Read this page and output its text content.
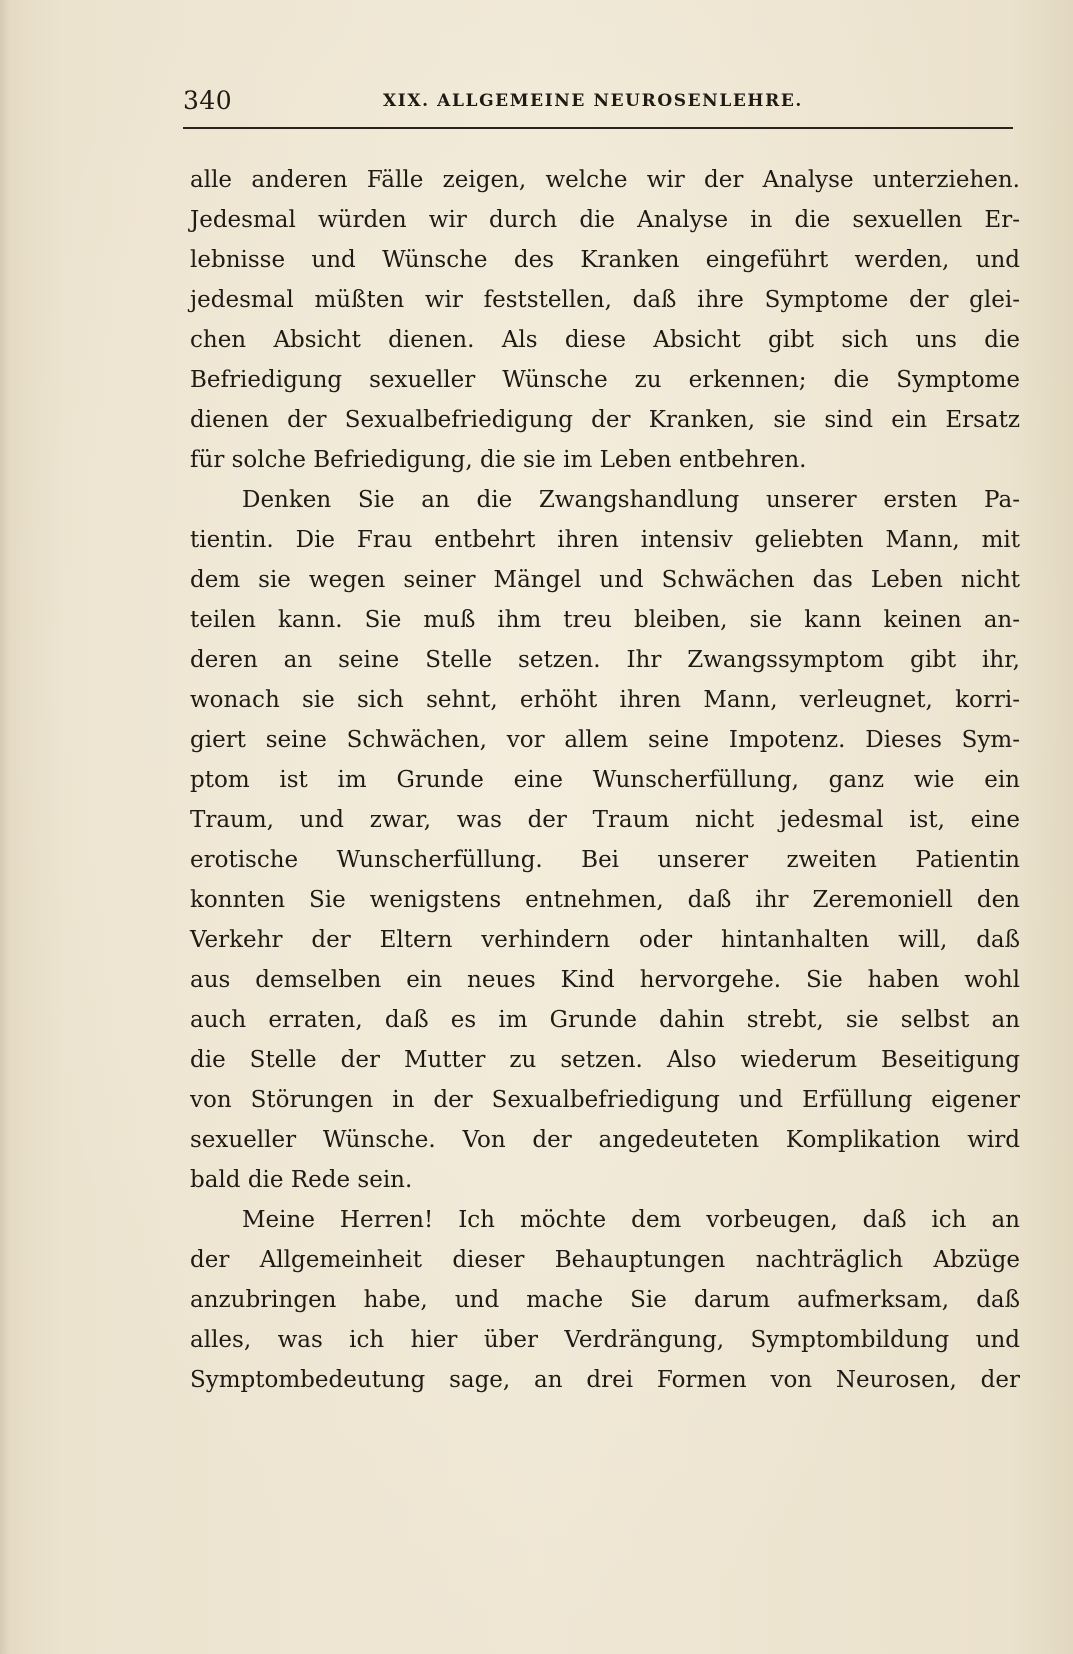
340	XIX. ALLGEMEINE NEUROSENLEHRE.
alle anderen Fälle zeigen, welche wir der Analyse unterziehen.
Jedesmal würden wir durch die Analyse in die sexuellen Er-
lebnisse und Wünsche des Kranken eingeführt werden, und
jedesmal müßten wir feststellen, daß ihre Symptome der glei-
chen Absicht dienen. Als diese Absicht gibt sich uns die
Befriedigung sexueller Wünsche zu erkennen; die Symptome
dienen der Sexualbefriedigung der Kranken, sie sind ein Ersatz
für solche Befriedigung, die sie im Leben entbehren.
Denken Sie an die Zwangshandlung unserer ersten Pa-
tientin. Die Frau entbehrt ihren intensiv geliebten Mann, mit
dem sie wegen seiner Mängel und Schwächen das Leben nicht
teilen kann. Sie muß ihm treu bleiben, sie kann keinen an-
deren an seine Stelle setzen. Ihr Zwangssymptom gibt ihr,
wonach sie sich sehnt, erhöht ihren Mann, verleugnet, korri-
giert seine Schwächen, vor allem seine Impotenz. Dieses Sym-
ptom ist im Grunde eine Wunscherfüllung, ganz wie ein
Traum, und zwar, was der Traum nicht jedesmal ist, eine
erotische Wunscherfüllung. Bei unserer zweiten Patientin
konnten Sie wenigstens entnehmen, daß ihr Zeremoniell den
Verkehr der Eltern verhindern oder hintanhalten will, daß
aus demselben ein neues Kind hervorgehe. Sie haben wohl
auch erraten, daß es im Grunde dahin strebt, sie selbst an
die Stelle der Mutter zu setzen. Also wiederum Beseitigung
von Störungen in der Sexualbefriedigung und Erfüllung eigener
sexueller Wünsche. Von der angedeuteten Komplikation wird
bald die Rede sein.
Meine Herren! Ich möchte dem vorbeugen, daß ich an
der Allgemeinheit dieser Behauptungen nachträglich Abzüge
anzubringen habe, und mache Sie darum aufmerksam, daß
alles, was ich hier über Verdrängung, Symptombildung und
Symptombedeutung sage, an drei Formen von Neurosen, der
